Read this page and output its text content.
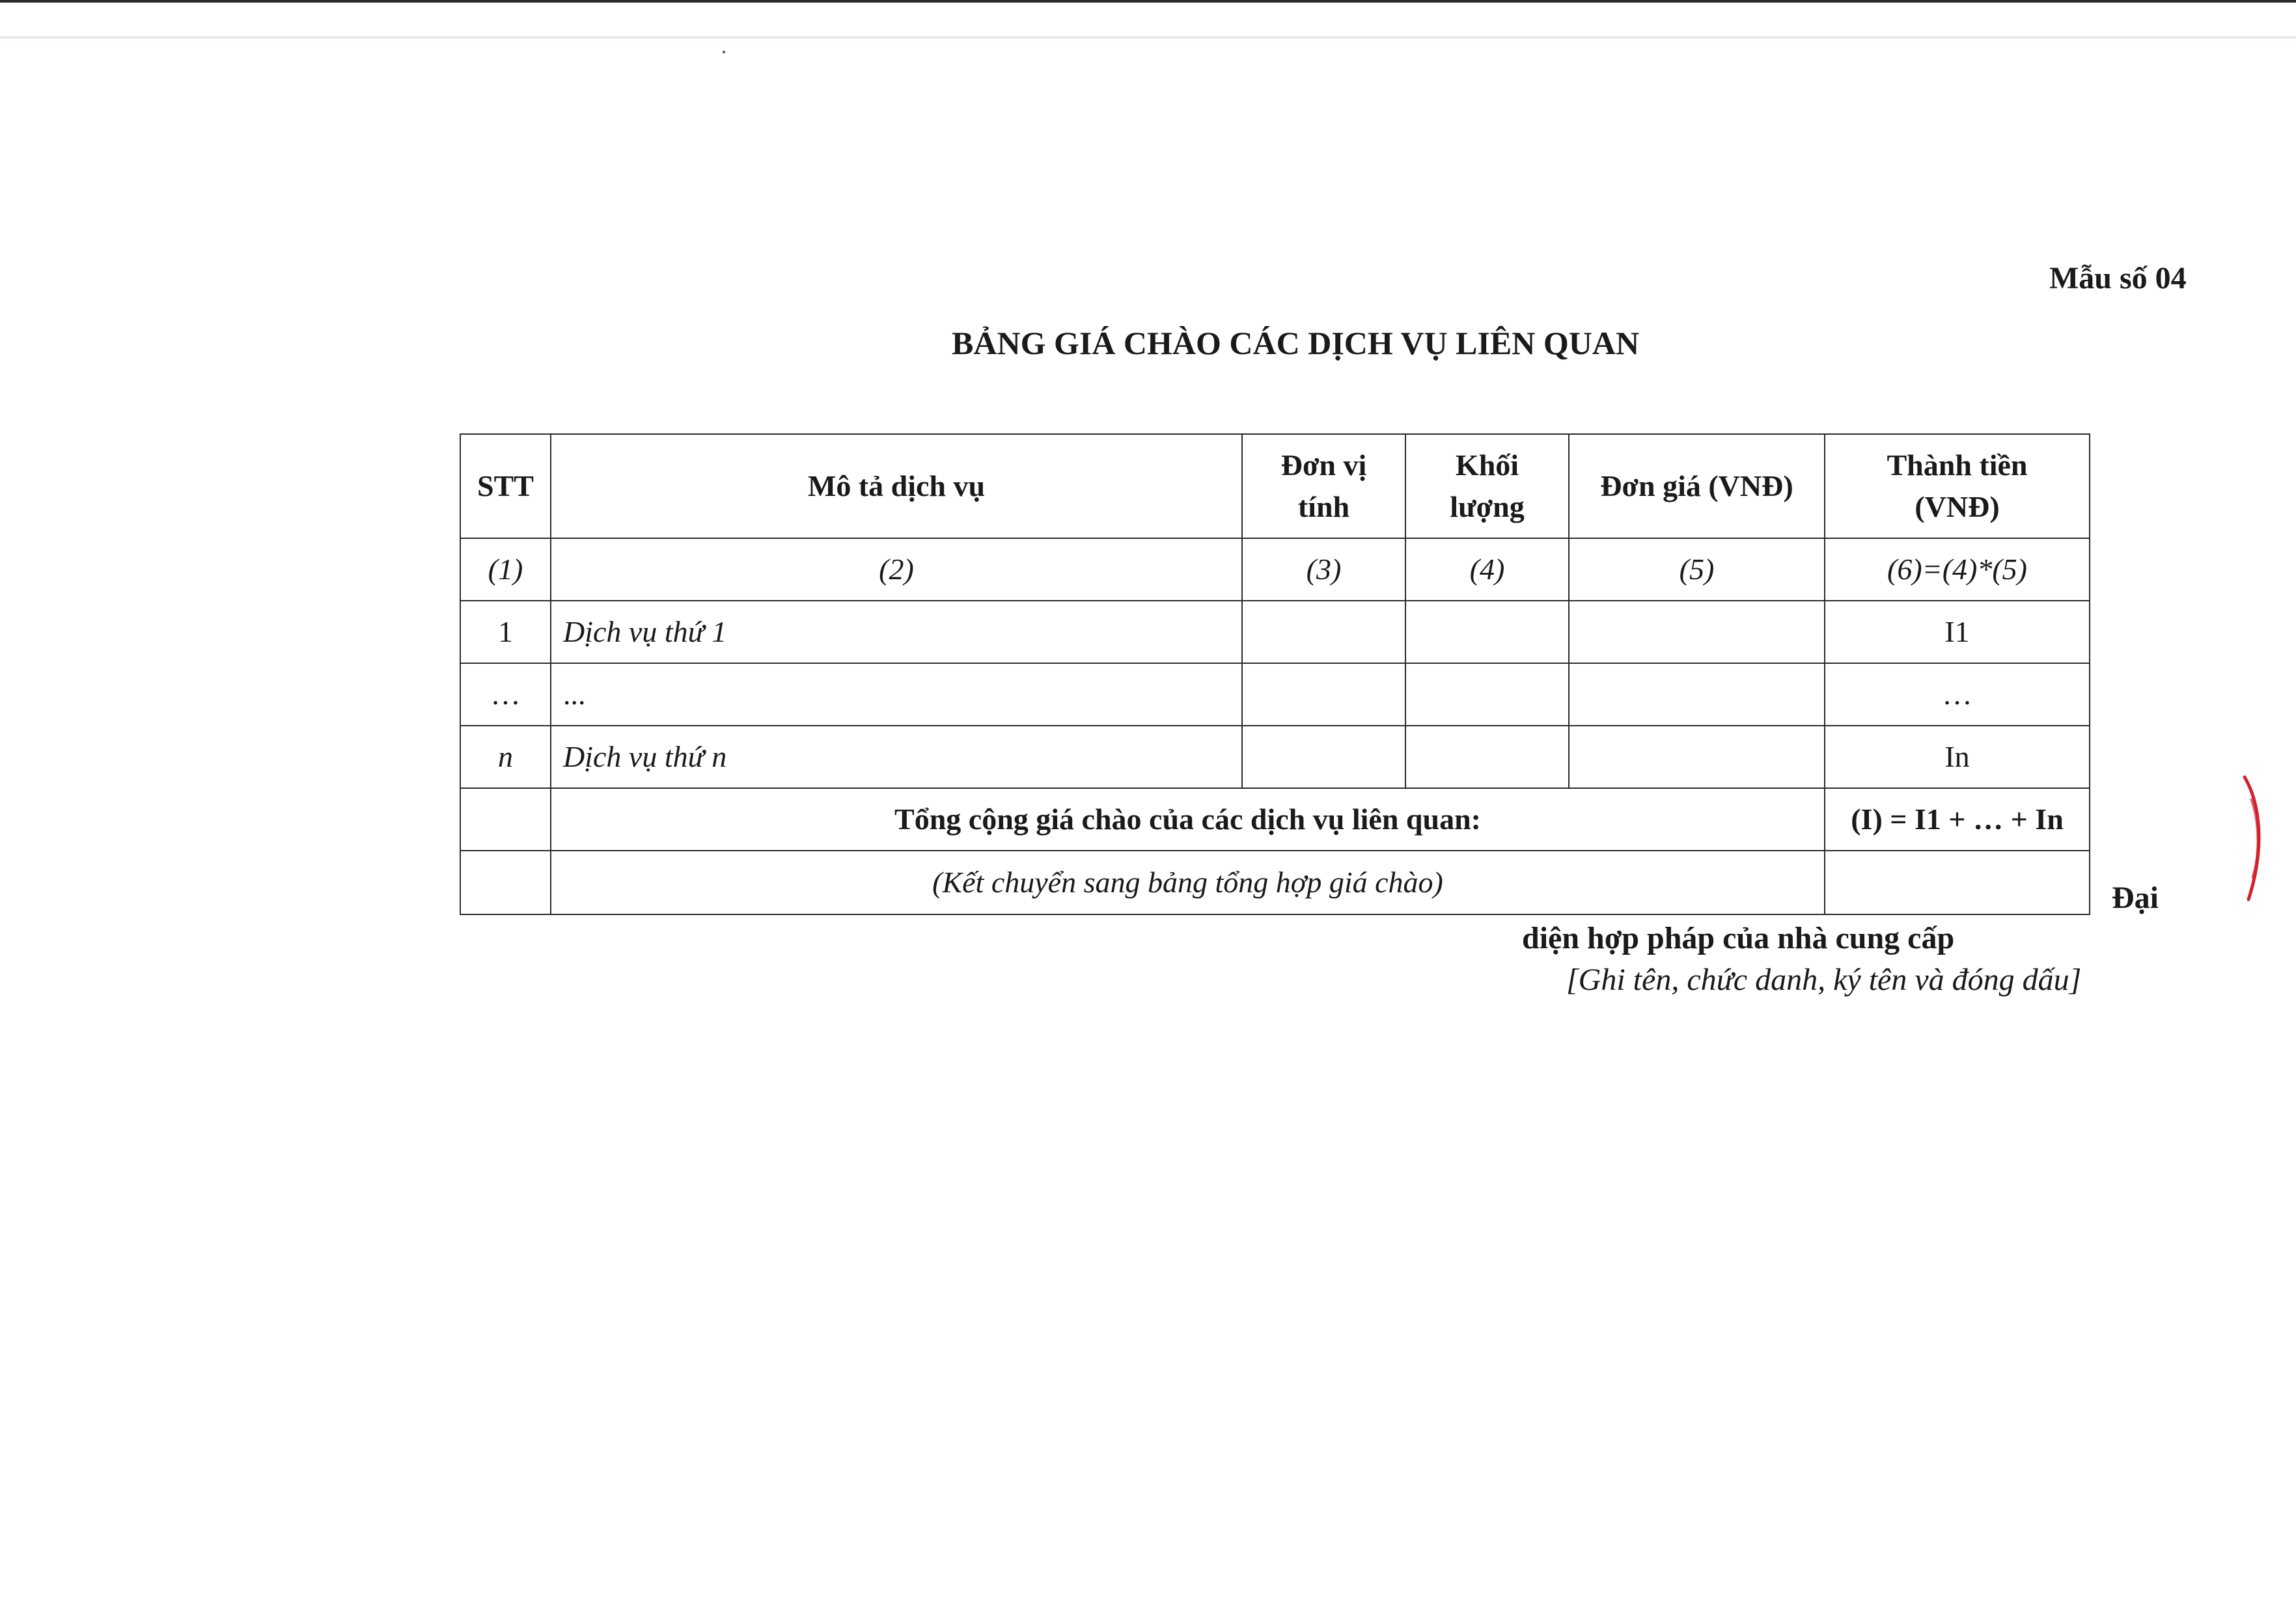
Mẫu số 04
BẢNG GIÁ CHÀO CÁC DỊCH VỤ LIÊN QUAN
STT	Mô tả dịch vụ	Đơn vị tính	Khối lượng	Đơn giá (VNĐ)	Thành tiền (VNĐ)
(1)	(2)	(3)	(4)	(5)	(6)=(4)*(5)
1	Dịch vụ thứ 1				I1
…	...				…
n	Dịch vụ thứ n				In
	Tổng cộng giá chào của các dịch vụ liên quan:				(I) = I1 + … + In
	(Kết chuyển sang bảng tổng hợp giá chào)					Đại
diện hợp pháp của nhà cung cấp
[Ghi tên, chức danh, ký tên và đóng dấu]
